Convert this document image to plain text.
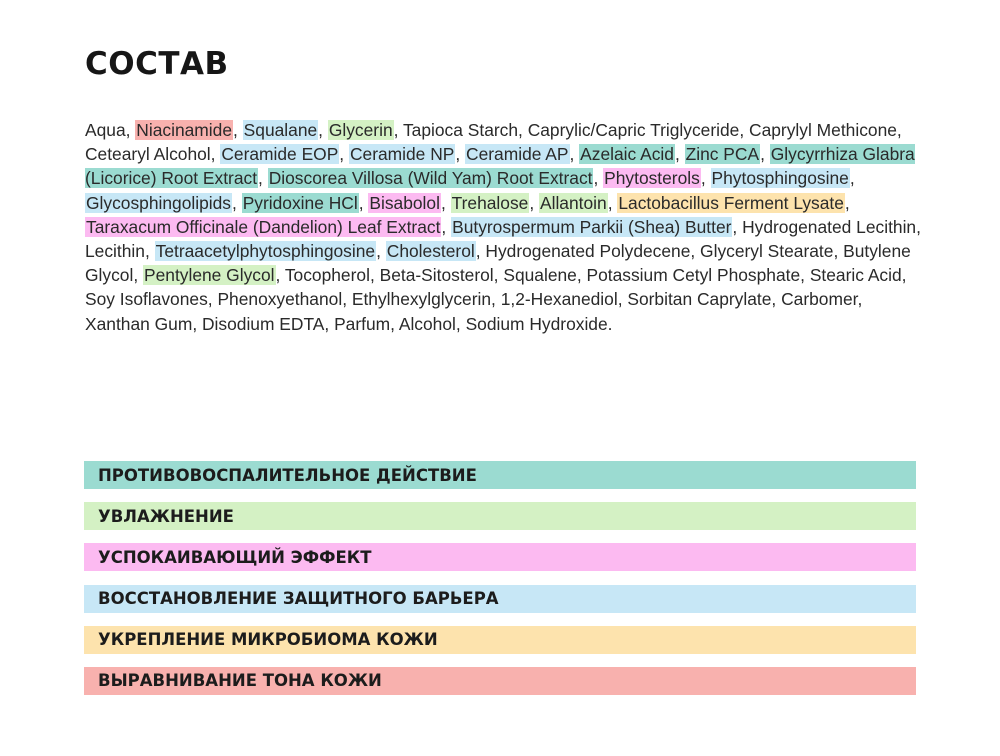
СОСТАВ

Aqua, Niacinamide, Squalane, Glycerin, Tapioca Starch, Caprylic/Capric Triglyceride, Caprylyl Methicone, Cetearyl Alcohol, Ceramide EOP, Ceramide NP, Ceramide AP, Azelaic Acid, Zinc PCA, Glycyrrhiza Glabra (Licorice) Root Extract, Dioscorea Villosa (Wild Yam) Root Extract, Phytosterols, Phytosphingosine, Glycosphingolipids, Pyridoxine HCl, Bisabolol, Trehalose, Allantoin, Lactobacillus Ferment Lysate, Taraxacum Officinale (Dandelion) Leaf Extract, Butyrospermum Parkii (Shea) Butter, Hydrogenated Lecithin, Lecithin, Tetraacetylphytosphingosine, Cholesterol, Hydrogenated Polydecene, Glyceryl Stearate, Butylene Glycol, Pentylene Glycol, Tocopherol, Beta-Sitosterol, Squalene, Potassium Cetyl Phosphate, Stearic Acid, Soy Isoflavones, Phenoxyethanol, Ethylhexylglycerin, 1,2-Hexanediol, Sorbitan Caprylate, Carbomer, Xanthan Gum, Disodium EDTA, Parfum, Alcohol, Sodium Hydroxide.

ПРОТИВОВОСПАЛИТЕЛЬНОЕ ДЕЙСТВИЕ
УВЛАЖНЕНИЕ
УСПОКАИВАЮЩИЙ ЭФФЕКТ
ВОССТАНОВЛЕНИЕ ЗАЩИТНОГО БАРЬЕРА
УКРЕПЛЕНИЕ МИКРОБИОМА КОЖИ
ВЫРАВНИВАНИЕ ТОНА КОЖИ
